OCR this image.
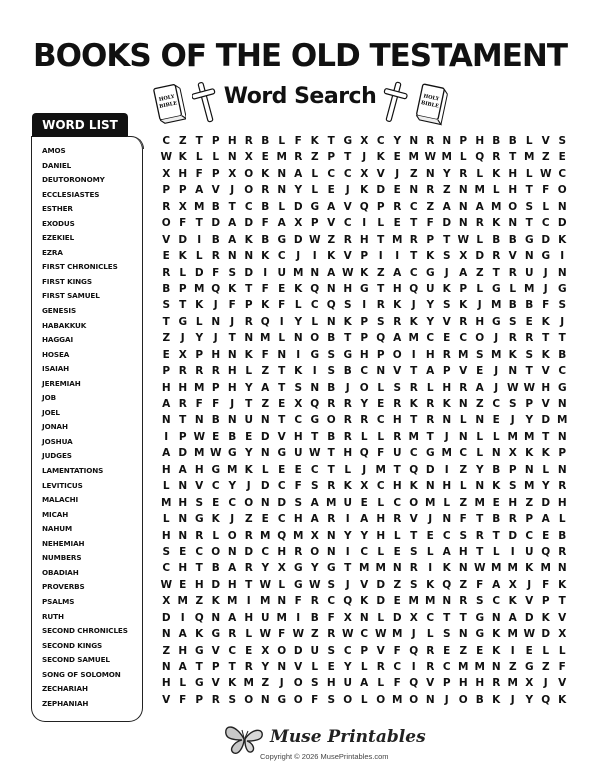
BOOKS OF THE OLD TESTAMENT
HOLY
BIBLE	Word Search	HOLY
BIBLE
WORD LIST
AMOS
DANIEL
DEUTORONOMY
ECCLESIASTES
ESTHER
EXODUS
EZEKIEL
EZRA
FIRST CHRONICLES
FIRST KINGS
FIRST SAMUEL
GENESIS
HABAKKUK
HAGGAI
HOSEA
ISAIAH
JEREMIAH
JOB
JOEL
JONAH
JOSHUA
JUDGES
LAMENTATIONS
LEVITICUS
MALACHI
MICAH
NAHUM
NEHEMIAH
NUMBERS
OBADIAH
PROVERBS
PSALMS
RUTH
SECOND CHRONICLES
SECOND KINGS
SECOND SAMUEL
SONG OF SOLOMON
ZECHARIAH
ZEPHANIAH
C Z T P H R B L F K T G X C Y N R N P H B B L V S
W K L L N X E M R Z P T J K E M W M L Q R T M Z E
X H F P X O K N A L C C X V J Z N Y R L K H L W C
P P A V J O R N Y L E J K D E N R Z N M L H T F O
R X M B T C B L D G A V Q P R C Z A N A M O S L N
O F T D A D F A X P V C I L E T F D N R K N T C D
V D I B A K B G D W Z R H T M R P T W L B B G D K
E K L R N N K C J I K V P I I T K S X D R V N G I
R L D F S D I U M N A W K Z A C G J A Z T R U J N
B P M Q K T F E K Q N H G T H Q U K P L G L M J G
S T K J F P K F L C Q S I R K J Y S K J M B B F S
T G L N J R Q I Y L N K P S R K Y V R H G S E K J
Z J Y J T N M L N O B T P Q A M C E C O J R R T T
E X P H N K F N I G S G H P O I H R M S M K S K B
P R R R H L Z T K I S B C N V T A P V E J N T V C
H H M P H Y A T S N B J O L S R L H R A J W W H G
A R F F J T Z E X Q R R Y E R K R K N Z C S P V N
N T N B N U N T C G O R R C H T R N L N E J Y D M
I P W E B E D V H T B R L L R M T J N L L M M T N
A D M W G Y N G U W T H Q F U C G M C L N X K K P
H A H G M K L E E C T L J M T Q D I Z Y B P N L N
L N V C Y J D C F S R K X C H K N H L N K S M Y R
M H S E C O N D S A M U E L C O M L Z M E H Z D H
L N G K J Z E C H A R I A H R V J N F T B R P A L
H N R L O R M Q M X N Y Y H L T E C S R T D C E B
S E C O N D C H R O N I C L E S L A H T L I U Q R
C H T B A R Y X G Y G T M M N R I K N W M M K M N
W E H D H T W L G W S J V D Z S K Q Z F A X J F K
X M Z K M I M N F R C Q K D E M M N R S C K V P T
D I Q N A H U M I B F X N L D X C T T G N A D K V
N A K G R L W F W Z R W C W M J L S N G K M W D X
Z H G V C E X O D U S C P V F Q R E Z E K I E L L
N A T P T R Y N V L E Y L R C I R C M M N Z G Z F
H L G V K M Z J O S H U A L F Q V P H H R M X J V
V F P R S O N G O F S O L O M O N J O B K J Y Q K
Muse Printables
Copyright © 2026 MusePrintables.com
